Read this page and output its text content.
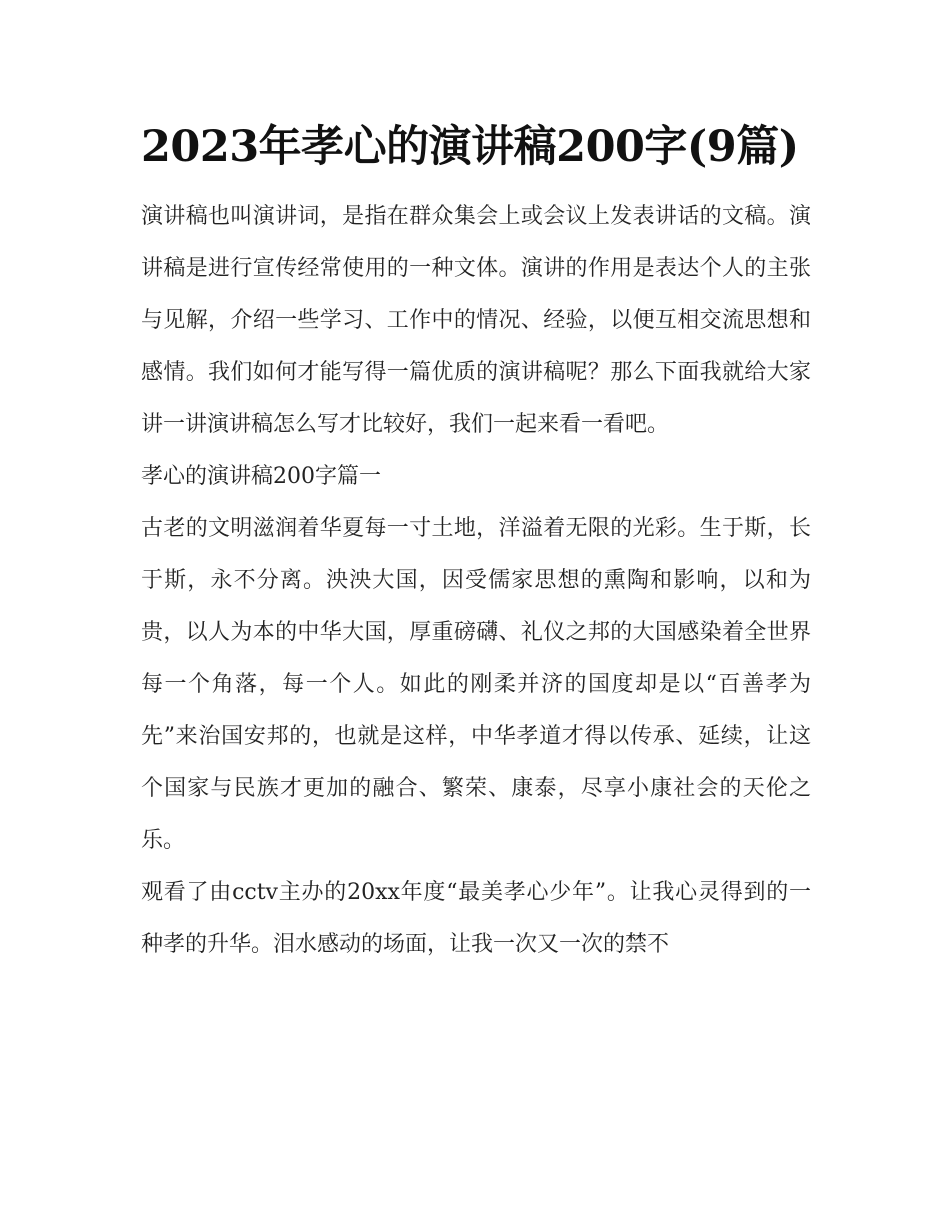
2023年孝心的演讲稿200字(9篇)

演讲稿也叫演讲词，是指在群众集会上或会议上发表讲话的文稿。演讲稿是进行宣传经常使用的一种文体。演讲的作用是表达个人的主张与见解，介绍一些学习、工作中的情况、经验，以便互相交流思想和感情。我们如何才能写得一篇优质的演讲稿呢？那么下面我就给大家讲一讲演讲稿怎么写才比较好，我们一起来看一看吧。

孝心的演讲稿200字篇一

古老的文明滋润着华夏每一寸土地，洋溢着无限的光彩。生于斯，长于斯，永不分离。泱泱大国，因受儒家思想的熏陶和影响，以和为贵，以人为本的中华大国，厚重磅礴、礼仪之邦的大国感染着全世界每一个角落，每一个人。如此的刚柔并济的国度却是以“百善孝为先”来治国安邦的，也就是这样，中华孝道才得以传承、延续，让这个国家与民族才更加的融合、繁荣、康泰，尽享小康社会的天伦之乐。

观看了由cctv主办的20xx年度“最美孝心少年”。让我心灵得到的一种孝的升华。泪水感动的场面，让我一次又一次的禁不
